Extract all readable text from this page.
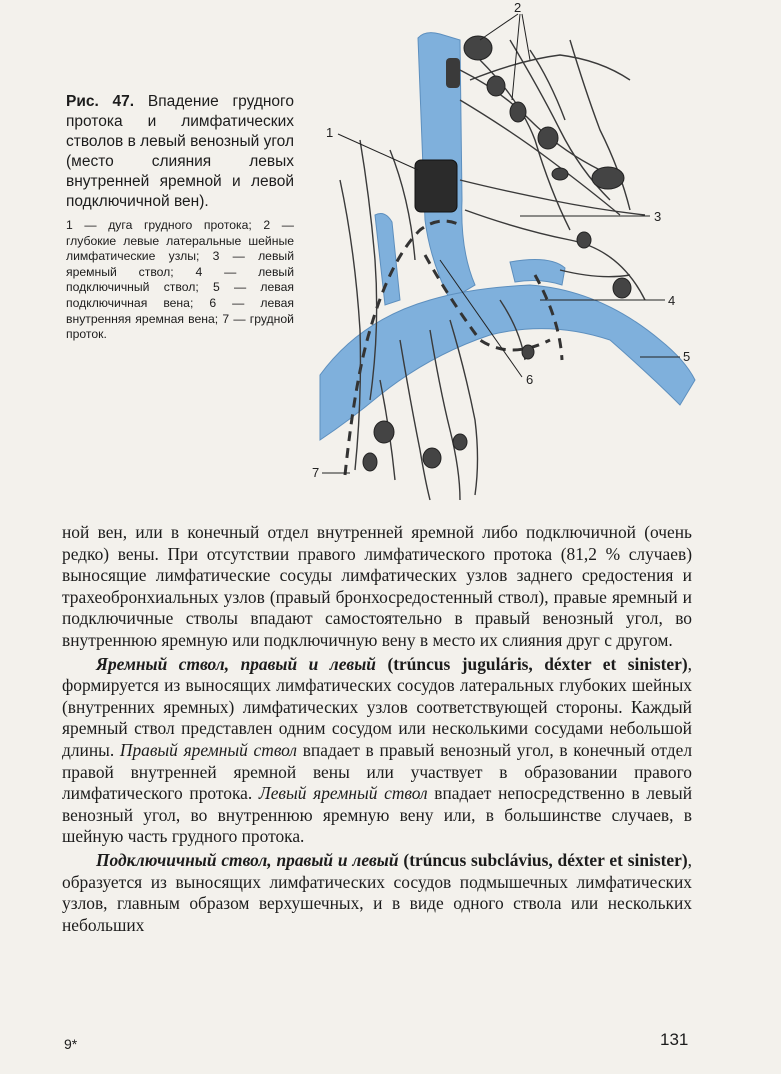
Рис. 47. Впадение грудного протока и лимфатических стволов в левый венозный угол (место слияния левых внутренней яремной и левой подключичной вен).

1 — дуга грудного протока; 2 — глубокие левые латеральные шейные лимфатические узлы; 3 — левый яремный ствол; 4 — левый подключичный ствол; 5 — левая подключичная вена; 6 — левая внутренняя яремная вена; 7 — грудной проток.

2
1
3
4
5
6
7

ной вен, или в конечный отдел внутренней яремной либо подключичной (очень редко) вены. При отсутствии правого лимфатического протока (81,2 % случаев) выносящие лимфатические сосуды лимфатических узлов заднего средостения и трахеобронхиальных узлов (правый бронхосредостенный ствол), правые яремный и подключичные стволы впадают самостоятельно в правый венозный угол, во внутреннюю яремную или подключичную вену в место их слияния друг с другом.

Яремный ствол, правый и левый (trúncus juguláris, déxter et sinister), формируется из выносящих лимфатических сосудов латеральных глубоких шейных (внутренних яремных) лимфатических узлов соответствующей стороны. Каждый яремный ствол представлен одним сосудом или несколькими сосудами небольшой длины. Правый яремный ствол впадает в правый венозный угол, в конечный отдел правой внутренней яремной вены или участвует в образовании правого лимфатического протока. Левый яремный ствол впадает непосредственно в левый венозный угол, во внутреннюю яремную вену или, в большинстве случаев, в шейную часть грудного протока.

Подключичный ствол, правый и левый (trúncus subclávius, déxter et sinister), образуется из выносящих лимфатических сосудов подмышечных лимфатических узлов, главным образом верхушечных, и в виде одного ствола или нескольких небольших

9*	131
